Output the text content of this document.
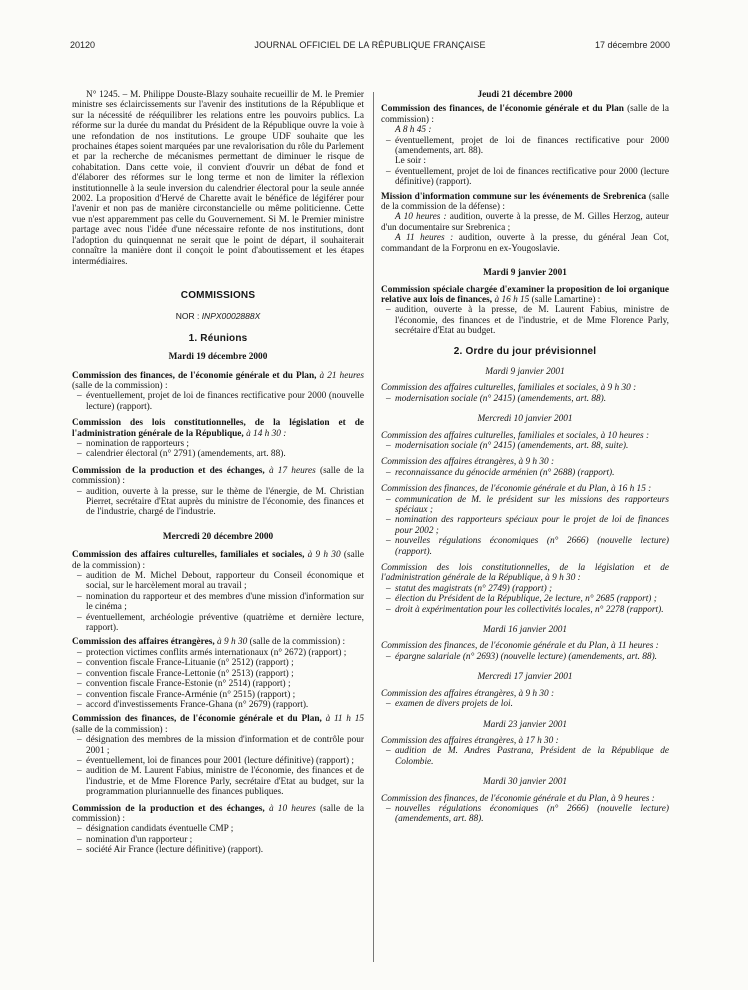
20120	JOURNAL OFFICIEL DE LA RÉPUBLIQUE FRANÇAISE	17 décembre 2000

N° 1245. – M. Philippe Douste-Blazy souhaite recueillir de M. le Premier ministre ses éclaircissements sur l'avenir des institutions de la République et sur la nécessité de rééquilibrer les relations entre les pouvoirs publics. La réforme sur la durée du mandat du Président de la République ouvre la voie à une refondation de nos institutions. Le groupe UDF souhaite que les prochaines étapes soient marquées par une revalorisation du rôle du Parlement et par la recherche de mécanismes permettant de diminuer le risque de cohabitation. Dans cette voie, il convient d'ouvrir un débat de fond et d'élaborer des réformes sur le long terme et non de limiter la réflexion institutionnelle à la seule inversion du calendrier électoral pour la seule année 2002. La proposition d'Hervé de Charette avait le bénéfice de légiférer pour l'avenir et non pas de manière circonstancielle ou même politicienne. Cette vue n'est apparemment pas celle du Gouvernement. Si M. le Premier ministre partage avec nous l'idée d'une nécessaire refonte de nos institutions, dont l'adoption du quinquennat ne serait que le point de départ, il souhaiterait connaître la manière dont il conçoit le point d'aboutissement et les étapes intermédiaires.

COMMISSIONS

NOR : INPX0002888X

1. Réunions

Mardi 19 décembre 2000

Commission des finances, de l'économie générale et du Plan, à 21 heures (salle de la commission) :

– éventuellement, projet de loi de finances rectificative pour 2000 (nouvelle lecture) (rapport).

Commission des lois constitutionnelles, de la législation et de l'administration générale de la République, à 14 h 30 :

– nomination de rapporteurs ;
– calendrier électoral (n° 2791) (amendements, art. 88).

Commission de la production et des échanges, à 17 heures (salle de la commission) :

– audition, ouverte à la presse, sur le thème de l'énergie, de M. Christian Pierret, secrétaire d'Etat auprès du ministre de l'économie, des finances et de l'industrie, chargé de l'industrie.

Mercredi 20 décembre 2000

Commission des affaires culturelles, familiales et sociales, à 9 h 30 (salle de la commission) :

– audition de M. Michel Debout, rapporteur du Conseil économique et social, sur le harcèlement moral au travail ;
– nomination du rapporteur et des membres d'une mission d'information sur le cinéma ;
– éventuellement, archéologie préventive (quatrième et dernière lecture, rapport).

Commission des affaires étrangères, à 9 h 30 (salle de la commission) :

– protection victimes conflits armés internationaux (n° 2672) (rapport) ;
– convention fiscale France-Lituanie (n° 2512) (rapport) ;
– convention fiscale France-Lettonie (n° 2513) (rapport) ;
– convention fiscale France-Estonie (n° 2514) (rapport) ;
– convention fiscale France-Arménie (n° 2515) (rapport) ;
– accord d'investissements France-Ghana (n° 2679) (rapport).

Commission des finances, de l'économie générale et du Plan, à 11 h 15 (salle de la commission) :

– désignation des membres de la mission d'information et de contrôle pour 2001 ;
– éventuellement, loi de finances pour 2001 (lecture définitive) (rapport) ;
– audition de M. Laurent Fabius, ministre de l'économie, des finances et de l'industrie, et de Mme Florence Parly, secrétaire d'Etat au budget, sur la programmation pluriannuelle des finances publiques.

Commission de la production et des échanges, à 10 heures (salle de la commission) :

– désignation candidats éventuelle CMP ;
– nomination d'un rapporteur ;
– société Air France (lecture définitive) (rapport).

Jeudi 21 décembre 2000

Commission des finances, de l'économie générale et du Plan (salle de la commission) :

A 8 h 45 :

– éventuellement, projet de loi de finances rectificative pour 2000 (amendements, art. 88).

Le soir :

– éventuellement, projet de loi de finances rectificative pour 2000 (lecture définitive) (rapport).

Mission d'information commune sur les événements de Srebrenica (salle de la commission de la défense) :

A 10 heures : audition, ouverte à la presse, de M. Gilles Herzog, auteur d'un documentaire sur Srebrenica ;

A 11 heures : audition, ouverte à la presse, du général Jean Cot, commandant de la Forpronu en ex-Yougoslavie.

Mardi 9 janvier 2001

Commission spéciale chargée d'examiner la proposition de loi organique relative aux lois de finances, à 16 h 15 (salle Lamartine) :

– audition, ouverte à la presse, de M. Laurent Fabius, ministre de l'économie, des finances et de l'industrie, et de Mme Florence Parly, secrétaire d'Etat au budget.

2. Ordre du jour prévisionnel

Mardi 9 janvier 2001

Commission des affaires culturelles, familiales et sociales, à 9 h 30 :

– modernisation sociale (n° 2415) (amendements, art. 88).

Mercredi 10 janvier 2001

Commission des affaires culturelles, familiales et sociales, à 10 heures :

– modernisation sociale (n° 2415) (amendements, art. 88, suite).

Commission des affaires étrangères, à 9 h 30 :

– reconnaissance du génocide arménien (n° 2688) (rapport).

Commission des finances, de l'économie générale et du Plan, à 16 h 15 :

– communication de M. le président sur les missions des rapporteurs spéciaux ;
– nomination des rapporteurs spéciaux pour le projet de loi de finances pour 2002 ;
– nouvelles régulations économiques (n° 2666) (nouvelle lecture) (rapport).

Commission des lois constitutionnelles, de la législation et de l'administration générale de la République, à 9 h 30 :

– statut des magistrats (n° 2749) (rapport) ;
– élection du Président de la République, 2e lecture, n° 2685 (rapport) ;
– droit à expérimentation pour les collectivités locales, n° 2278 (rapport).

Mardi 16 janvier 2001

Commission des finances, de l'économie générale et du Plan, à 11 heures :

– épargne salariale (n° 2693) (nouvelle lecture) (amendements, art. 88).

Mercredi 17 janvier 2001

Commission des affaires étrangères, à 9 h 30 :

– examen de divers projets de loi.

Mardi 23 janvier 2001

Commission des affaires étrangères, à 17 h 30 :

– audition de M. Andres Pastrana, Président de la République de Colombie.

Mardi 30 janvier 2001

Commission des finances, de l'économie générale et du Plan, à 9 heures :

– nouvelles régulations économiques (n° 2666) (nouvelle lecture) (amendements, art. 88).
